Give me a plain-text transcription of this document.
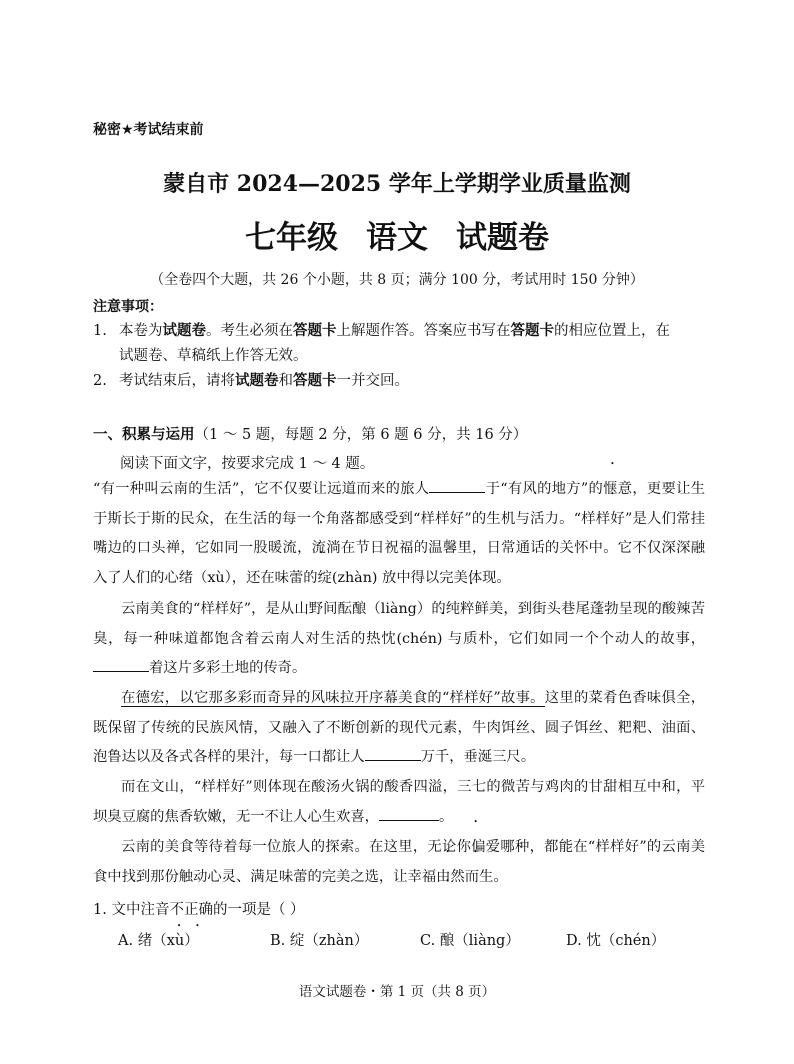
秘密★考试结束前
蒙自市 2024—2025 学年上学期学业质量监测
七年级 语文 试题卷
（全卷四个大题，共 26 个小题，共 8 页；满分 100 分，考试用时 150 分钟）
注意事项：
1. 本卷为试题卷。考生必须在答题卡上解题作答。答案应书写在答题卡的相应位置上，在
试题卷、草稿纸上作答无效。
2. 考试结束后，请将试题卷和答题卡一并交回。
一、积累与运用（1 ～ 5 题，每题 2 分，第 6 题 6 分，共 16 分）
阅读下面文字，按要求完成 1 ～ 4 题。
“有一种叫云南的生活”，它不仅要让远道而来的旅人	于“有风的地方”的惬意 • •，更要让生于斯长于斯的民众，在生活的每一个角落都感受到“样样好”的生机与活力。“样样好”是人们常挂嘴边的口头禅，它如同一股暖流，流淌 • •在节日祝福的温馨里，日常通话的关怀中。它不仅深深融入了人们的心绪（xù），还在味蕾的绽(zhàn) 放中得以完美体现。
云南美食的“样样好”，是从山野间酝酿（liàng）的纯粹 • •鲜美，到街头巷尾蓬勃呈现的酸辣苦臭，每一种味道都饱含着云南人对生活的热忱(chén) 与质朴，它们如同一个个动人的故事，着这片多彩土地的传奇。
在德宏，以它那多彩而奇异的风味拉开序幕美食的“样样好”故事。这里的菜肴色香味俱全，既保留了传统的民族风情，又融入了不断创新的现代元素，牛肉饵丝、圆子饵丝、粑粑、油面、泡鲁达以及各式各样的果汁，每一口都让人	万千，垂涎三尺。
而在文山，“样样好”则体现在酸汤火锅的酸香四溢，三七的微苦与鸡肉的甘甜相互中和，平坝臭豆腐的焦香软嫩，无一不让人心生欢喜，	。
云南的美食等待着每一位旅人的探索。在这里，无论你偏爱哪种，都能在“样样好”的云南美食中找到那份触动心灵、满足味蕾的完美之选，让幸福由然而生 • • • •。
1. 文中注音不正确 • •的一项是（ ）
A. 绪（xù）	B. 绽（zhàn）	C. 酿（liàng）	D. 忱（chén）
语文试题卷・第 1 页（共 8 页）
